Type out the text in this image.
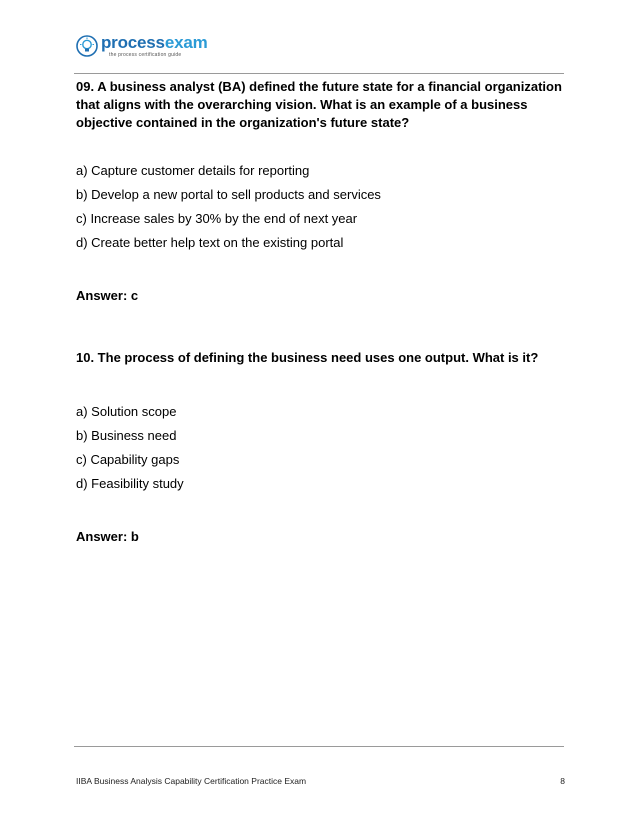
processexam
the process certification guide

09. A business analyst (BA) defined the future state for a financial organization that aligns with the overarching vision. What is an example of a business objective contained in the organization's future state?

a) Capture customer details for reporting

b) Develop a new portal to sell products and services

c) Increase sales by 30% by the end of next year

d) Create better help text on the existing portal

Answer: c

10. The process of defining the business need uses one output. What is it?

a) Solution scope

b) Business need

c) Capability gaps

d) Feasibility study

Answer: b

IIBA Business Analysis Capability Certification Practice Exam	8
